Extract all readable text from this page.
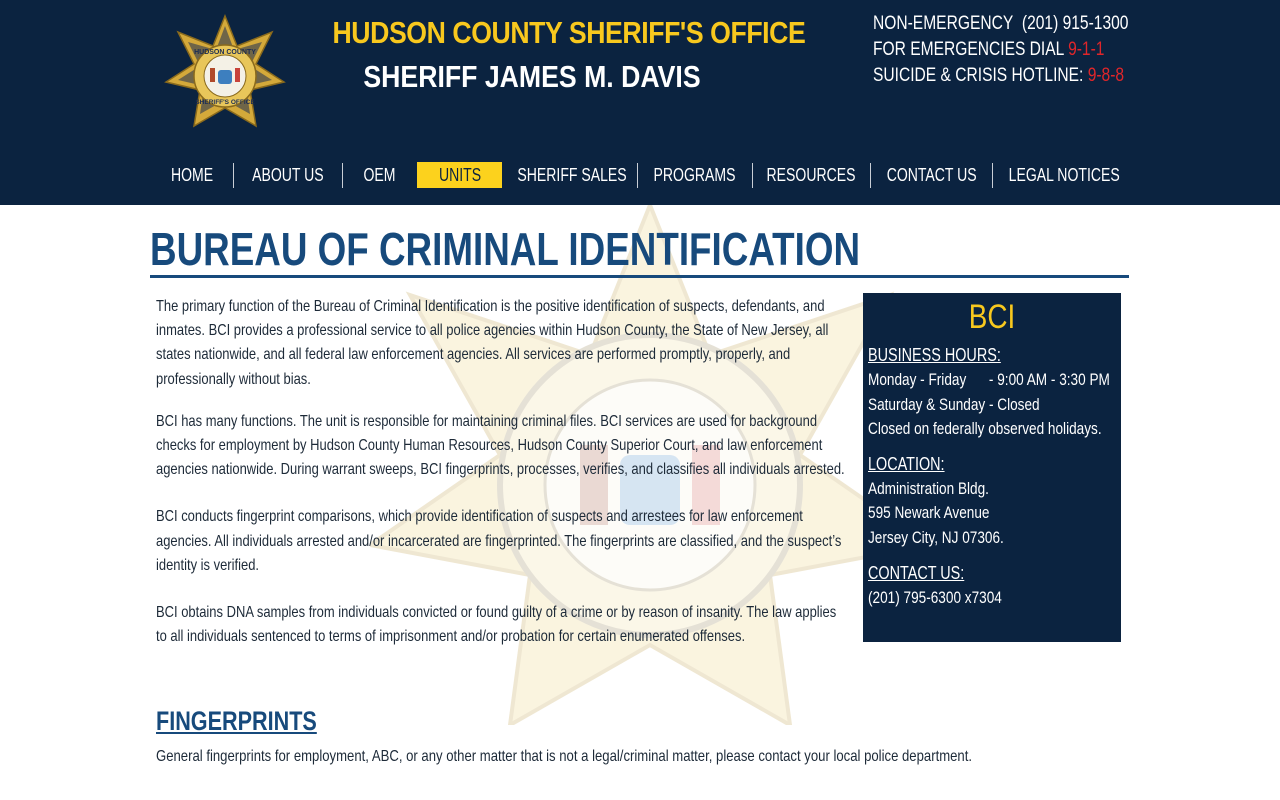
HUDSON COUNTY
SHERIFF'S OFFICE
HUDSON COUNTY SHERIFF'S OFFICE
SHERIFF JAMES M. DAVIS
NON-EMERGENCY (201) 915-1300
FOR EMERGENCIES DIAL 9-1-1
SUICIDE & CRISIS HOTLINE: 9-8-8
HOME	ABOUT US	OEM	UNITS	SHERIFF SALES	PROGRAMS	RESOURCES	CONTACT US	LEGAL NOTICES
BUREAU OF CRIMINAL IDENTIFICATION
The primary function of the Bureau of Criminal Identification is the positive identification of suspects, defendants, and
inmates. BCI provides a professional service to all police agencies within Hudson County, the State of New Jersey, all
states nationwide, and all federal law enforcement agencies. All services are performed promptly, properly, and
professionally without bias.
BCI has many functions. The unit is responsible for maintaining criminal files. BCI services are used for background
checks for employment by Hudson County Human Resources, Hudson County Superior Court, and law enforcement
agencies nationwide. During warrant sweeps, BCI fingerprints, processes, verifies, and classifies all individuals arrested.
BCI conducts fingerprint comparisons, which provide identification of suspects and arrestees for law enforcement
agencies. All individuals arrested and/or incarcerated are fingerprinted. The fingerprints are classified, and the suspect’s
identity is verified.
BCI obtains DNA samples from individuals convicted or found guilty of a crime or by reason of insanity. The law applies
to all individuals sentenced to terms of imprisonment and/or probation for certain enumerated offenses.
BCI
BUSINESS HOURS:
Monday - Friday      - 9:00 AM - 3:30 PM
Saturday & Sunday - Closed
Closed on federally observed holidays.
LOCATION:
Administration Bldg.
595 Newark Avenue
Jersey City, NJ 07306.
CONTACT US:
(201) 795-6300 x7304
FINGERPRINTS
General fingerprints for employment, ABC, or any other matter that is not a legal/criminal matter, please contact your local police department.
